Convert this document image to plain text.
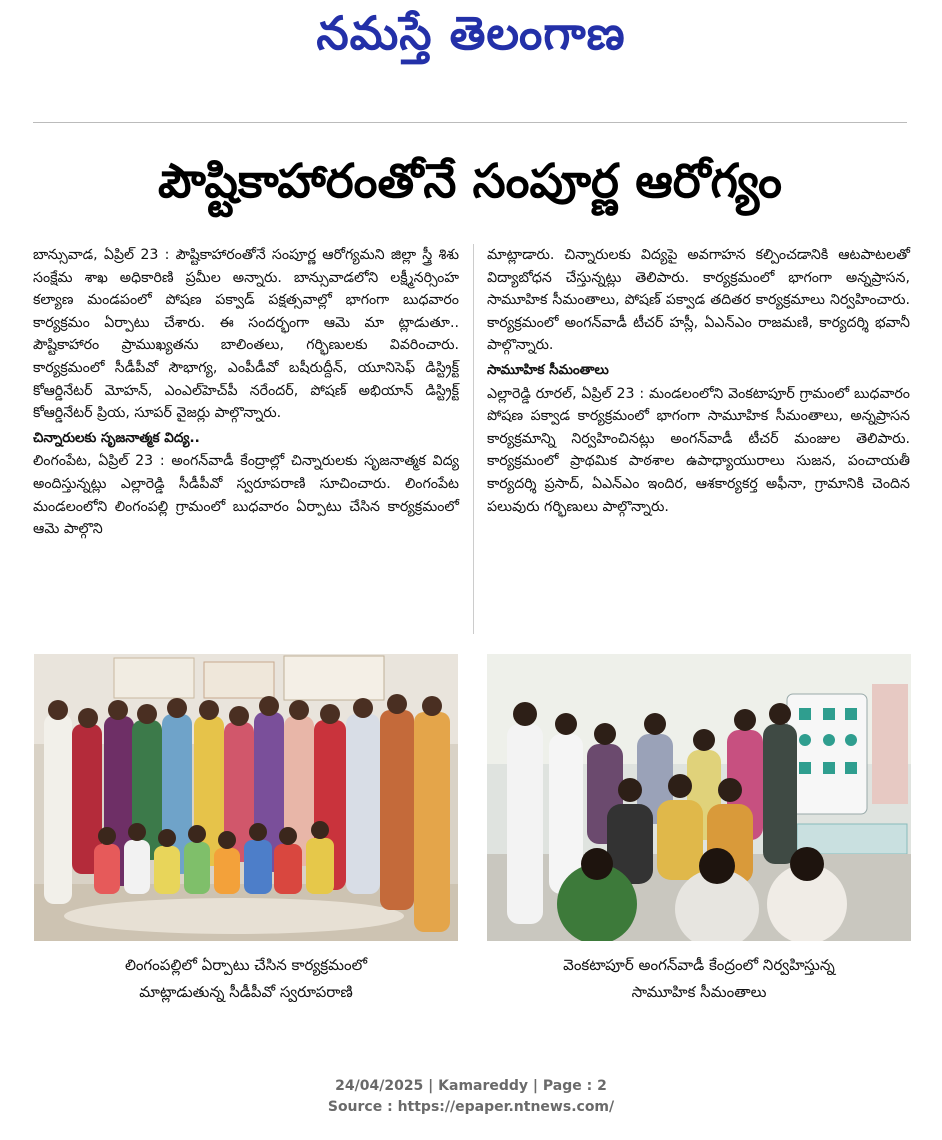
నమస్తే తెలంగాణ
పౌష్టికాహారంతోనే సంపూర్ణ ఆరోగ్యం

బాన్సువాడ, ఏప్రిల్ 23 : పౌష్టికాహారంతోనే సంపూర్ణ ఆరోగ్యమని జిల్లా స్త్రీ శిశు సంక్షేమ శాఖ అధికారిణి ప్రమీల అన్నారు. బాన్సువాడలోని లక్ష్మీనర్సింహ కల్యాణ మండపంలో పోషణ పక్వాడ్ పక్షత్సవాల్లో భాగంగా బుధవారం కార్యక్రమం ఏర్పాటు చేశారు. ఈ సందర్భంగా ఆమె మా ట్లాడుతూ.. పౌష్టికాహారం ప్రాముఖ్యతను బాలింతలు, గర్భిణులకు వివరించారు. కార్యక్రమంలో సీడీపీవో సౌభాగ్య, ఎంపీడీవో బషీరుద్దీన్, యూనిసెఫ్ డిస్ట్రిక్ట్ కోఆర్డినేటర్ మోహన్, ఎంఎల్‌హెచ్‌పీ నరేందర్, పోషణ్ అభియాన్ డిస్ట్రిక్ట్ కోఆర్డినేటర్ ప్రియ, సూపర్ వైజర్లు పాల్గొన్నారు.

చిన్నారులకు సృజనాత్మక విద్య..

లింగంపేట, ఏప్రిల్ 23 : అంగన్‌వాడీ కేంద్రాల్లో చిన్నారులకు సృజనాత్మక విద్య అందిస్తున్నట్లు ఎల్లారెడ్డి సీడీపీవో స్వరూపరాణి సూచించారు. లింగంపేట మండలంలోని లింగంపల్లి గ్రామంలో బుధవారం ఏర్పాటు చేసిన కార్యక్రమంలో ఆమె పాల్గొని

మాట్లాడారు. చిన్నారులకు విద్యపై అవగాహన కల్పించడానికి ఆటపాటలతో విద్యాబోధన చేస్తున్నట్లు తెలిపారు. కార్యక్రమంలో భాగంగా అన్నప్రాసన, సామూహిక సీమంతాలు, పోషణ్ పక్వాడ తదితర కార్యక్రమాలు నిర్వహించారు. కార్యక్రమంలో అంగన్‌వాడీ టీచర్ హస్లీ, ఏఎన్ఎం రాజమణి, కార్యదర్శి భవానీ పాల్గొన్నారు.

సామూహిక సీమంతాలు

ఎల్లారెడ్డి రూరల్, ఏప్రిల్ 23 : మండలంలోని వెంకటాపూర్ గ్రామంలో బుధవారం పోషణ పక్వాడ కార్యక్రమంలో భాగంగా సామూహిక సీమంతాలు, అన్నప్రాసన కార్యక్రమాన్ని నిర్వహించినట్లు అంగన్‌వాడీ టీచర్ మంజుల తెలిపారు. కార్యక్రమంలో ప్రాథమిక పాఠశాల ఉపాధ్యాయురాలు సుజన, పంచాయతీ కార్యదర్శి ప్రసాద్, ఏఎన్ఎం ఇందిర, ఆశకార్యకర్త అఫీనా, గ్రామానికి చెందిన పలువురు గర్భిణులు పాల్గొన్నారు.

లింగంపల్లిలో ఏర్పాటు చేసిన కార్యక్రమంలో
మాట్లాడుతున్న సీడీపీవో స్వరూపరాణి
వెంకటాపూర్ అంగన్‌వాడీ కేంద్రంలో నిర్వహిస్తున్న
సామూహిక సీమంతాలు
24/04/2025 | Kamareddy | Page : 2
Source : https://epaper.ntnews.com/
